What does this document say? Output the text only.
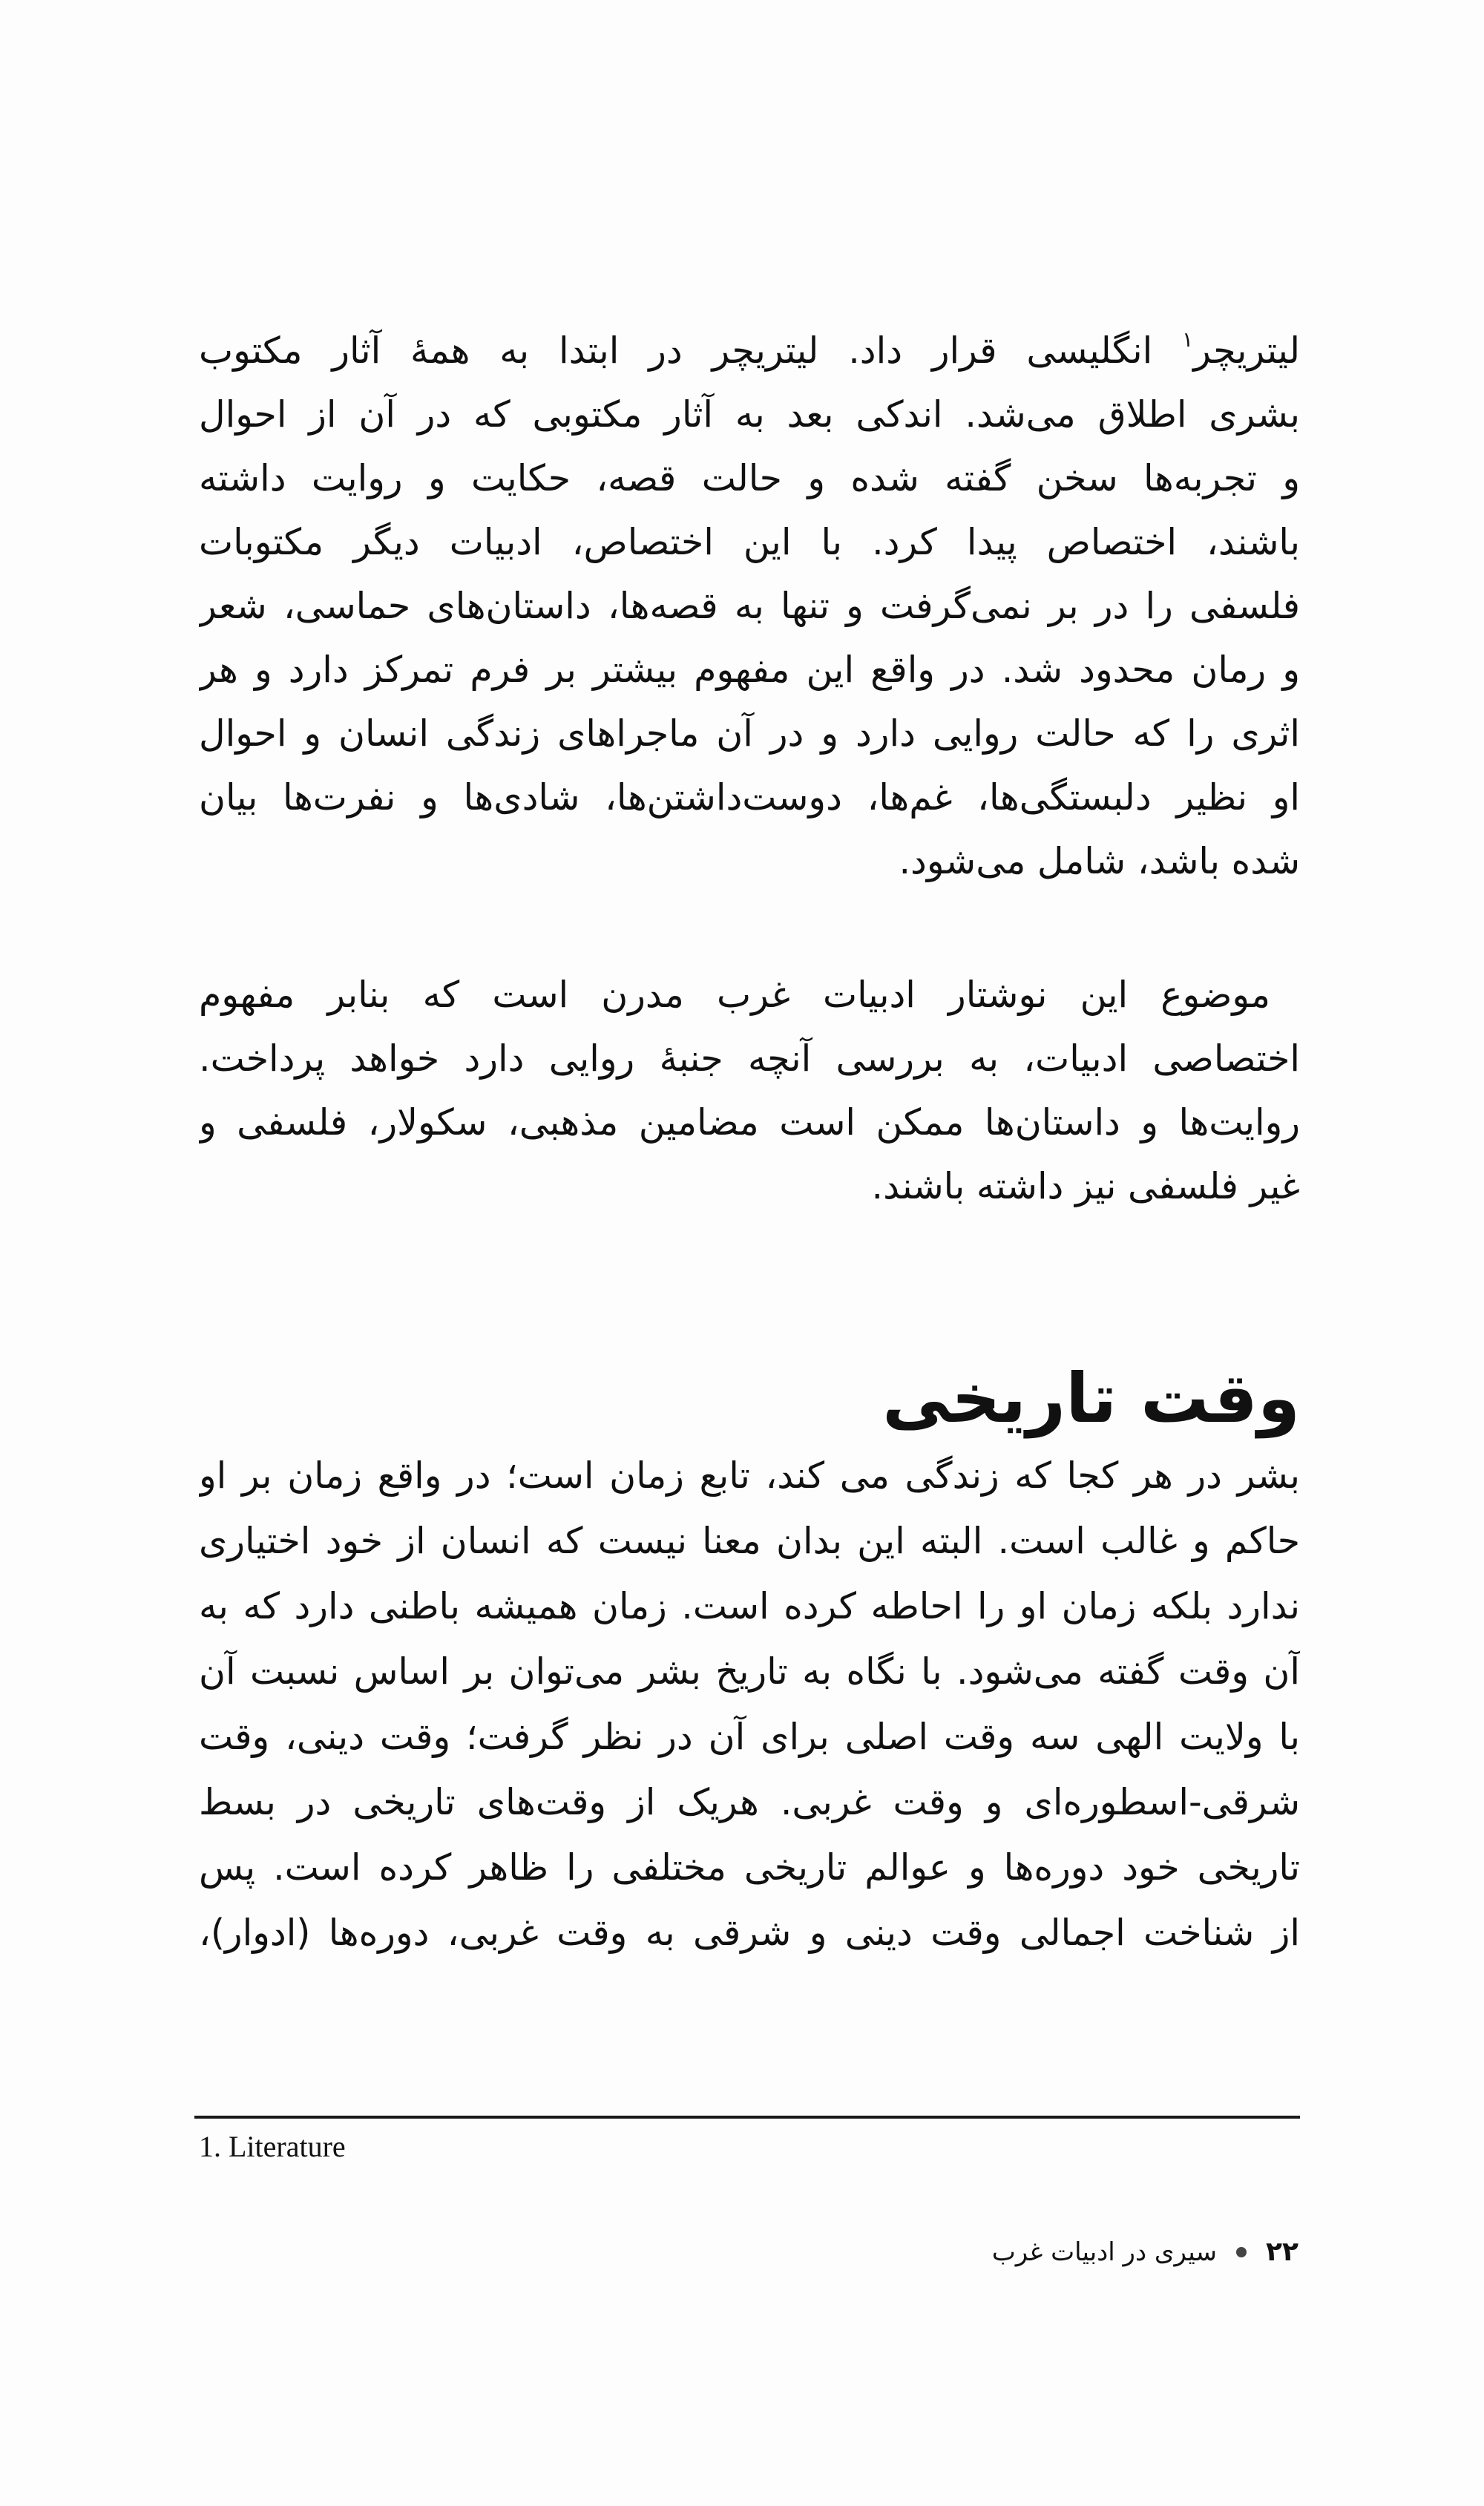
لیتریچر$^۱$ انگلیسی قرار داد. لیتریچر در ابتدا به همهٔ آثار مکتوب
بشری اطلاق می‌شد. اندکی بعد به آثار مکتوبی که در آن از احوال
و تجربه‌ها سخن گفته شده و حالت قصه، حکایت و روایت داشته
باشند، اختصاص پیدا کرد. با این اختصاص، ادبیات دیگر مکتوبات
فلسفی را در بر نمی‌گرفت و تنها به قصه‌ها، داستان‌های حماسی، شعر
و رمان محدود شد. در واقع این مفهوم بیشتر بر فرم تمرکز دارد و هر
اثری را که حالت روایی دارد و در آن ماجراهای زندگی انسان و احوال
او نظیر دلبستگی‌ها، غم‌ها، دوست‌داشتن‌ها، شادی‌ها و نفرت‌ها بیان
شده باشد، شامل می‌شود.
موضوع این نوشتار ادبیات غرب مدرن است که بنابر مفهوم
اختصاصی ادبیات، به بررسی آنچه جنبهٔ روایی دارد خواهد پرداخت.
روایت‌ها و داستان‌ها ممکن است مضامین مذهبی، سکولار، فلسفی و
غیر فلسفی نیز داشته باشند.
وقت تاریخی
بشر در هر کجا که زندگی می کند، تابع زمان است؛ در واقع زمان بر او
حاکم و غالب است. البته این بدان معنا نیست که انسان از خود اختیاری
ندارد بلکه زمان او را احاطه کرده است. زمان همیشه باطنی دارد که به
آن وقت گفته می‌شود. با نگاه به تاریخ بشر می‌توان بر اساس نسبت آن
با ولایت الهی سه وقت اصلی برای آن در نظر گرفت؛ وقت دینی، وقت
شرقی-اسطوره‌ای و وقت غربی. هریک از وقت‌های تاریخی در بسط
تاریخی خود دوره‌ها و عوالم تاریخی مختلفی را ظاهر کرده است. پس
از شناخت اجمالی وقت دینی و شرقی به وقت غربی، دوره‌ها (ادوار)،
1. Literature
۲۲
سیری در ادبیات غرب
